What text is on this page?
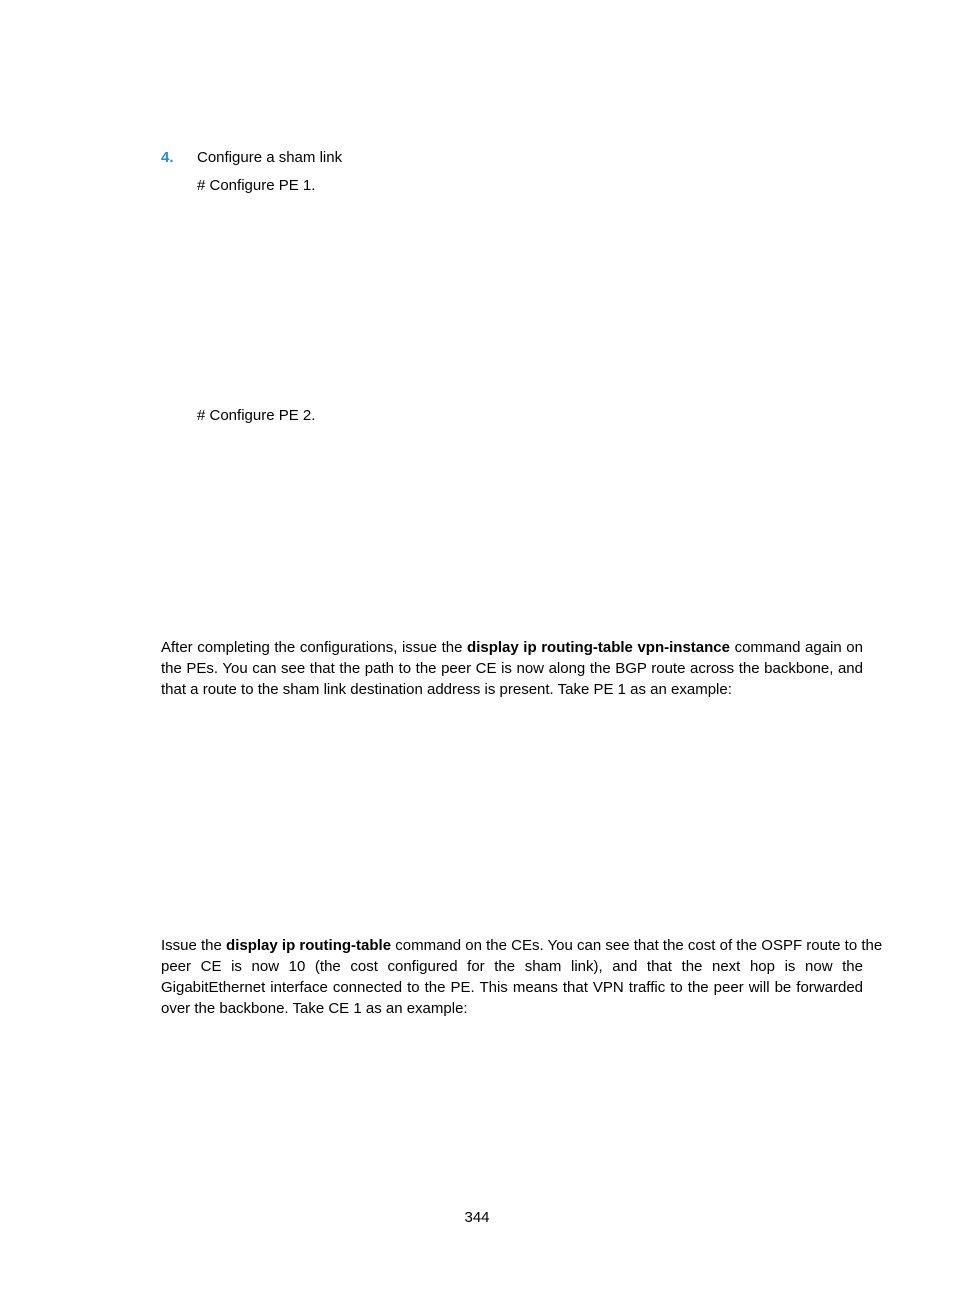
4. Configure a sham link
# Configure PE 1.
# Configure PE 2.
After completing the configurations, issue the display ip routing-table vpn-instance command again on
the PEs. You can see that the path to the peer CE is now along the BGP route across the backbone, and
that a route to the sham link destination address is present. Take PE 1 as an example:
Issue the display ip routing-table command on the CEs. You can see that the cost of the OSPF route to the
peer CE is now 10 (the cost configured for the sham link), and that the next hop is now the
GigabitEthernet interface connected to the PE. This means that VPN traffic to the peer will be forwarded
over the backbone. Take CE 1 as an example:
344
